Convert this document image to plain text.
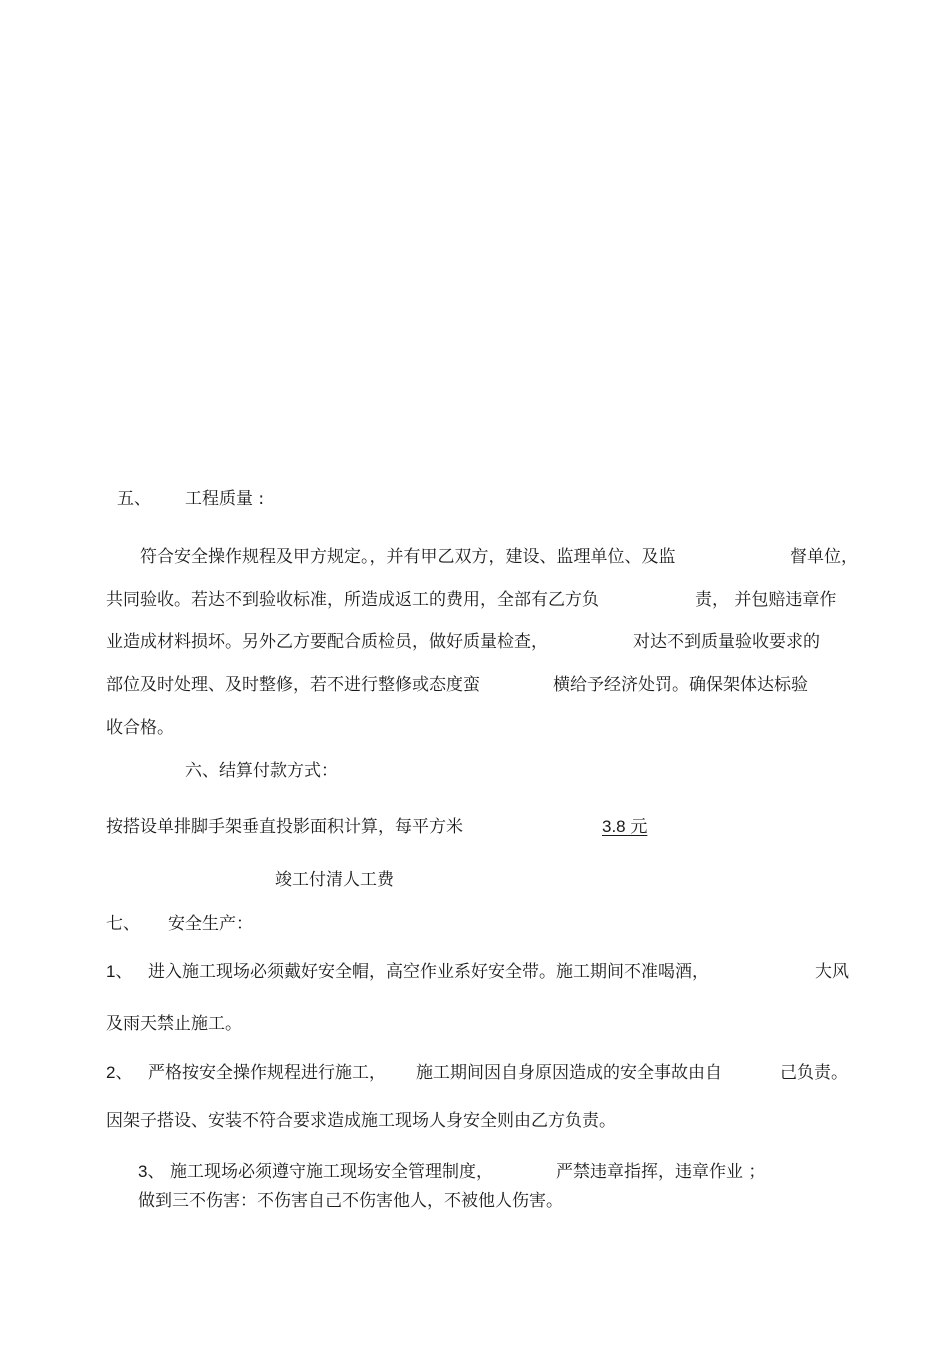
五、 工程质量 :
符合安全操作规程及甲方规定。，并有甲乙双方，建设、监理单位、及监	督单位，
共同验收。若达不到验收标准，所造成返工的费用，全部有乙方负	责， 并包赔违章作
业造成材料损坏。另外乙方要配合质检员，做好质量检查，	对达不到质量验收要求的
部位及时处理、及时整修，若不进行整修或态度蛮	横给予经济处罚。确保架体达标验
收合格。
六、结算付款方式：
按搭设单排脚手架垂直投影面积计算，每平方米	3.8 元
竣工付清人工费
七、 安全生产：
1、 进入施工现场必须戴好安全帽，高空作业系好安全带。施工期间不准喝酒，	大风
及雨天禁止施工。
2、 严格按安全操作规程进行施工， 施工期间因自身原因造成的安全事故由自	己负责。
因架子搭设、安装不符合要求造成施工现场人身安全则由乙方负责。
3、 施工现场必须遵守施工现场安全管理制度，	严禁违章指挥，违章作业 ；
做到三不伤害：不伤害自己不伤害他人，不被他人伤害。
